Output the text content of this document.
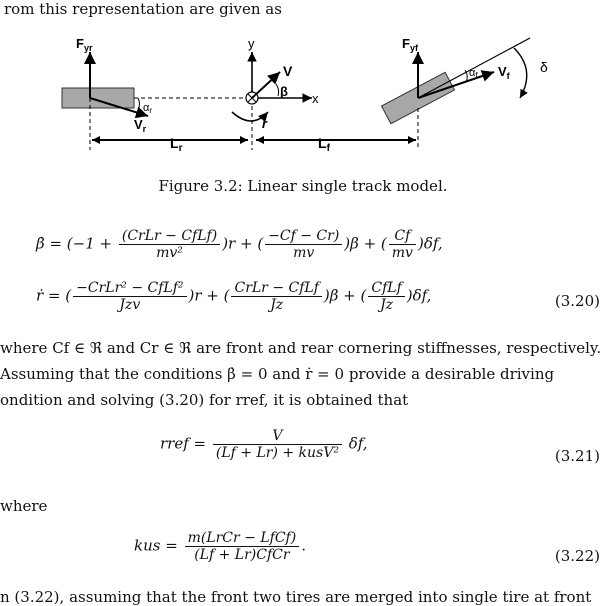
rom this representation are given as
$F_{yr}$
$V_r$
αr
y
x
V
β
r
$F_{yf}$
$V_f$
αf
δ
$L_r$	$L_f$
Figure 3.2: Linear single track model.
β̇ = $(-1 + \frac{\text{(CrLr − CfLf)}}{\text{mv²}} )r$ + ( $\frac{-Cf - Cr)}{mv} )\beta$ + ( $\frac{Cf}{mv} )\delta f$,
ṙ = ( $\frac{\text{−CrLr² − CfLf²}}{\text{Jzv}} )r$ + ( $\frac{\text{CrLr − CfLf}}{Jz} )\beta$ + ( $\frac{\text{CfLf}}{Jz} )\delta f$,	(3.20)
where Cf ∈ ℜ and Cr ∈ ℜ are front and rear cornering stiffnesses, respectively.
Assuming that the conditions β̇ = 0 and ṙ = 0 provide a desirable driving
ondition and solving (3.20) for rref, it is obtained that
rref = $\frac{V}{\text{(Lf + Lr) + kusV²}} \delta f$,
(3.21)
where
kus = $\frac{\text{m(LrCr − LfCf)}}{\text{(Lf + Lr)CfCr}}$ .
(3.22)
n (3.22), assuming that the front two tires are merged into single tire at front
